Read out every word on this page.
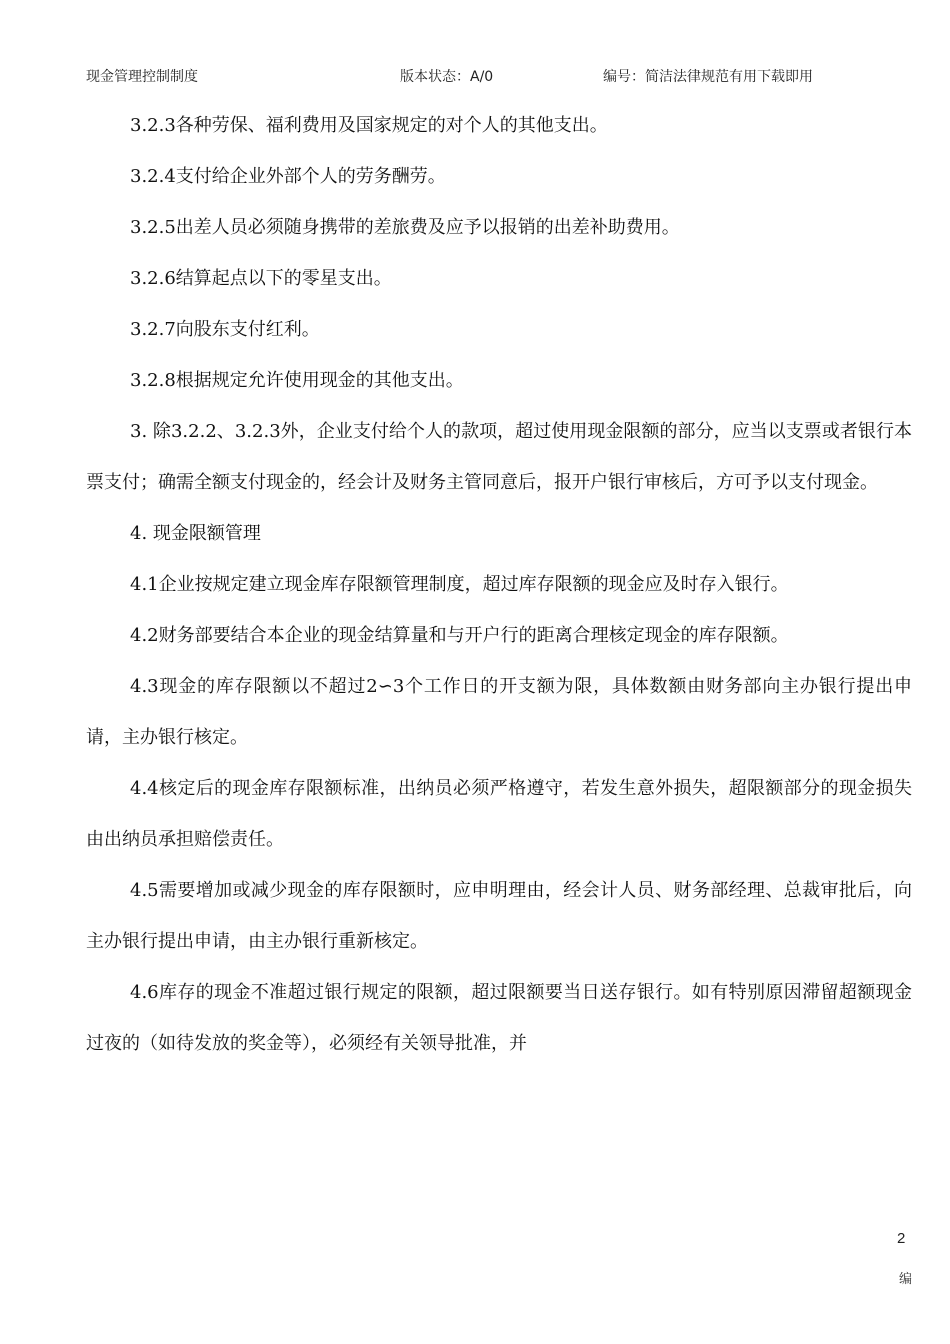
现金管理控制制度	版本状态：A/0	编号：简洁法律规范有用下载即用
3.2.3各种劳保、福利费用及国家规定的对个人的其他支出。
3.2.4支付给企业外部个人的劳务酬劳。
3.2.5出差人员必须随身携带的差旅费及应予以报销的出差补助费用。
3.2.6结算起点以下的零星支出。
3.2.7向股东支付红利。
3.2.8根据规定允许使用现金的其他支出。
3. 除3.2.2、3.2.3外，企业支付给个人的款项，超过使用现金限额的部分，应当以支票或者银行本票支付；确需全额支付现金的，经会计及财务主管同意后，报开户银行审核后，方可予以支付现金。
4. 现金限额管理
4.1企业按规定建立现金库存限额管理制度，超过库存限额的现金应及时存入银行。
4.2财务部要结合本企业的现金结算量和与开户行的距离合理核定现金的库存限额。
4.3现金的库存限额以不超过2∽3个工作日的开支额为限，具体数额由财务部向主办银行提出申请，主办银行核定。
4.4核定后的现金库存限额标准，出纳员必须严格遵守，若发生意外损失，超限额部分的现金损失由出纳员承担赔偿责任。
4.5需要增加或减少现金的库存限额时，应申明理由，经会计人员、财务部经理、总裁审批后，向主办银行提出申请，由主办银行重新核定。
4.6库存的现金不准超过银行规定的限额，超过限额要当日送存银行。如有特别原因滞留超额现金过夜的（如待发放的奖金等），必须经有关领导批准，并
2
编
